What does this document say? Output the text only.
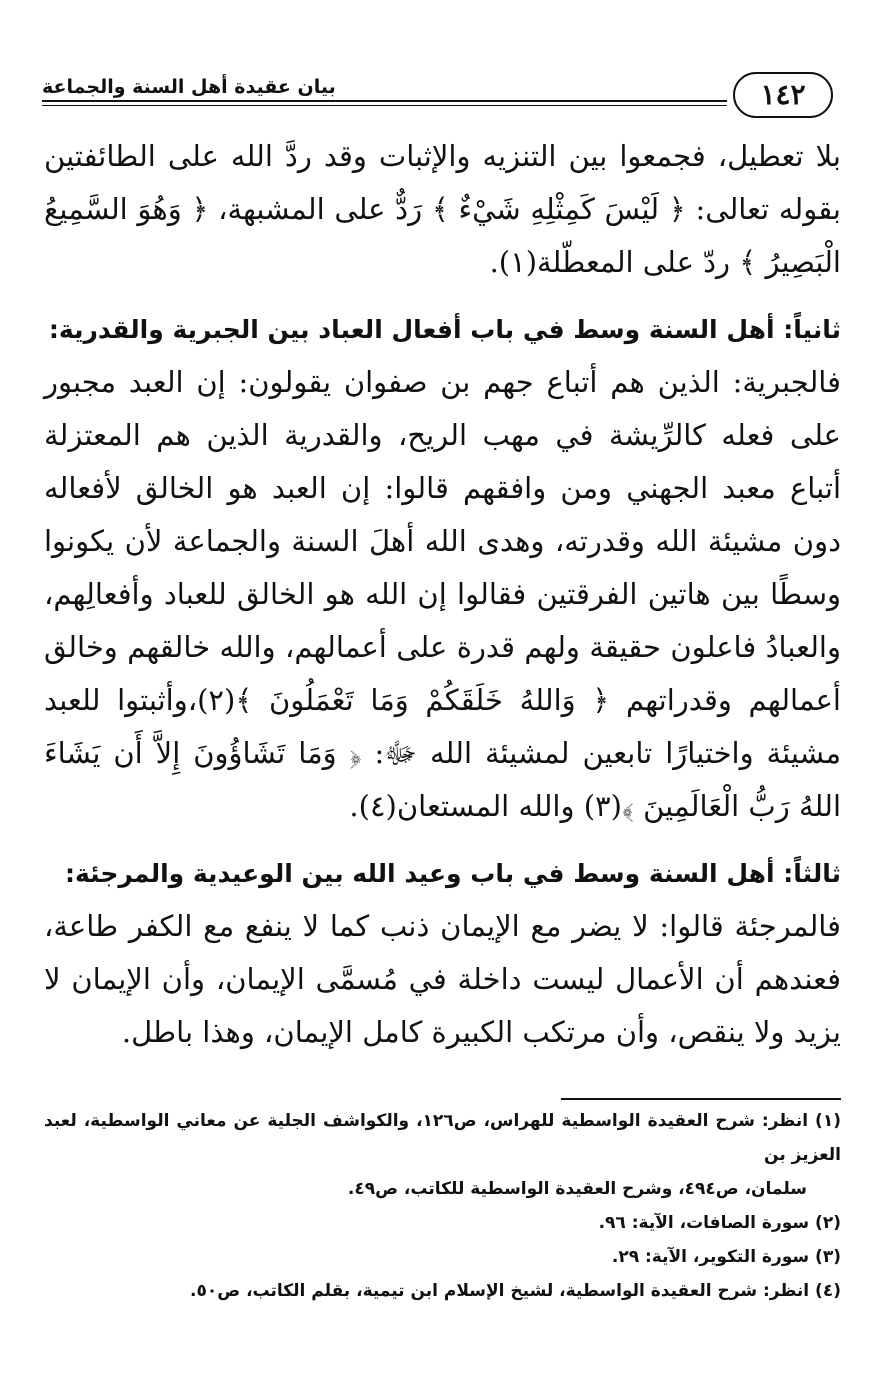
١٤٢
بيان عقيدة أهل السنة والجماعة

بلا تعطيل، فجمعوا بين التنزيه والإثبات وقد ردَّ الله على الطائفتين بقوله تعالى: ﴿ لَيْسَ كَمِثْلِهِ شَيْءٌ ﴾ رَدٌّ على المشبهة، ﴿ وَهُوَ السَّمِيعُ الْبَصِيرُ ﴾ ردّ على المعطّلة(١).

ثانياً: أهل السنة وسط في باب أفعال العباد بين الجبرية والقدرية:

فالجبرية: الذين هم أتباع جهم بن صفوان يقولون: إن العبد مجبور على فعله كالرِّيشة في مهب الريح، والقدرية الذين هم المعتزلة أتباع معبد الجهني ومن وافقهم قالوا: إن العبد هو الخالق لأفعاله دون مشيئة الله وقدرته، وهدى الله أهلَ السنة والجماعة لأن يكونوا وسطًا بين هاتين الفرقتين فقالوا إن الله هو الخالق للعباد وأفعالِهم، والعبادُ فاعلون حقيقة ولهم قدرة على أعمالهم، والله خالقهم وخالق أعمالهم وقدراتهم ﴿ وَاللهُ خَلَقَكُمْ وَمَا تَعْمَلُونَ ﴾(٢)،وأثبتوا للعبد مشيئة واختيارًا تابعين لمشيئة الله ﷻ: ﴿ وَمَا تَشَاؤُونَ إِلاَّ أَن يَشَاءَ اللهُ رَبُّ الْعَالَمِينَ ﴾(٣) والله المستعان(٤).

ثالثاً: أهل السنة وسط في باب وعيد الله بين الوعيدية والمرجئة:

فالمرجئة قالوا: لا يضر مع الإيمان ذنب كما لا ينفع مع الكفر طاعة، فعندهم أن الأعمال ليست داخلة في مُسمَّى الإيمان، وأن الإيمان لا يزيد ولا ينقص، وأن مرتكب الكبيرة كامل الإيمان، وهذا باطل.

(١) انظر: شرح العقيدة الواسطية للهراس، ص١٢٦، والكواشف الجلية عن معاني الواسطية، لعبد العزيز بن

سلمان، ص٤٩٤، وشرح العقيدة الواسطية للكاتب، ص٤٩.

(٢) سورة الصافات، الآية: ٩٦.

(٣) سورة التكوير، الآية: ٢٩.

(٤) انظر: شرح العقيدة الواسطية، لشيخ الإسلام ابن تيمية، بقلم الكاتب، ص٥٠.
